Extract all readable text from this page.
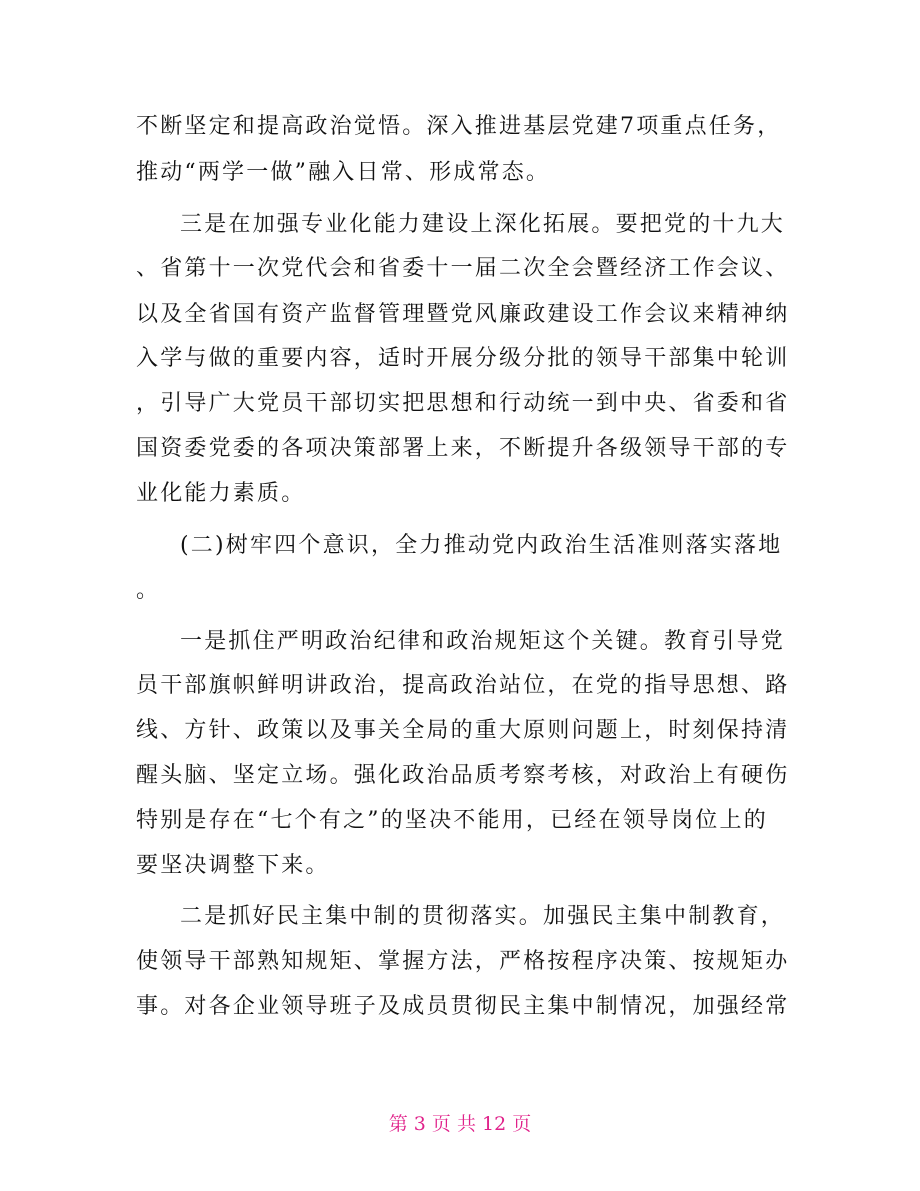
不断坚定和提高政治觉悟。深入推进基层党建7项重点任务，
推动“两学一做”融入日常、形成常态。
三是在加强专业化能力建设上深化拓展。要把党的十九大
、省第十一次党代会和省委十一届二次全会暨经济工作会议、
以及全省国有资产监督管理暨党风廉政建设工作会议来精神纳
入学与做的重要内容，适时开展分级分批的领导干部集中轮训
，引导广大党员干部切实把思想和行动统一到中央、省委和省
国资委党委的各项决策部署上来，不断提升各级领导干部的专
业化能力素质。
(二)树牢四个意识，全力推动党内政治生活准则落实落地
。
一是抓住严明政治纪律和政治规矩这个关键。教育引导党
员干部旗帜鲜明讲政治，提高政治站位，在党的指导思想、路
线、方针、政策以及事关全局的重大原则问题上，时刻保持清
醒头脑、坚定立场。强化政治品质考察考核，对政治上有硬伤
特别是存在“七个有之”的坚决不能用，已经在领导岗位上的
要坚决调整下来。
二是抓好民主集中制的贯彻落实。加强民主集中制教育，
使领导干部熟知规矩、掌握方法，严格按程序决策、按规矩办
事。对各企业领导班子及成员贯彻民主集中制情况，加强经常
第 3 页 共 12 页
